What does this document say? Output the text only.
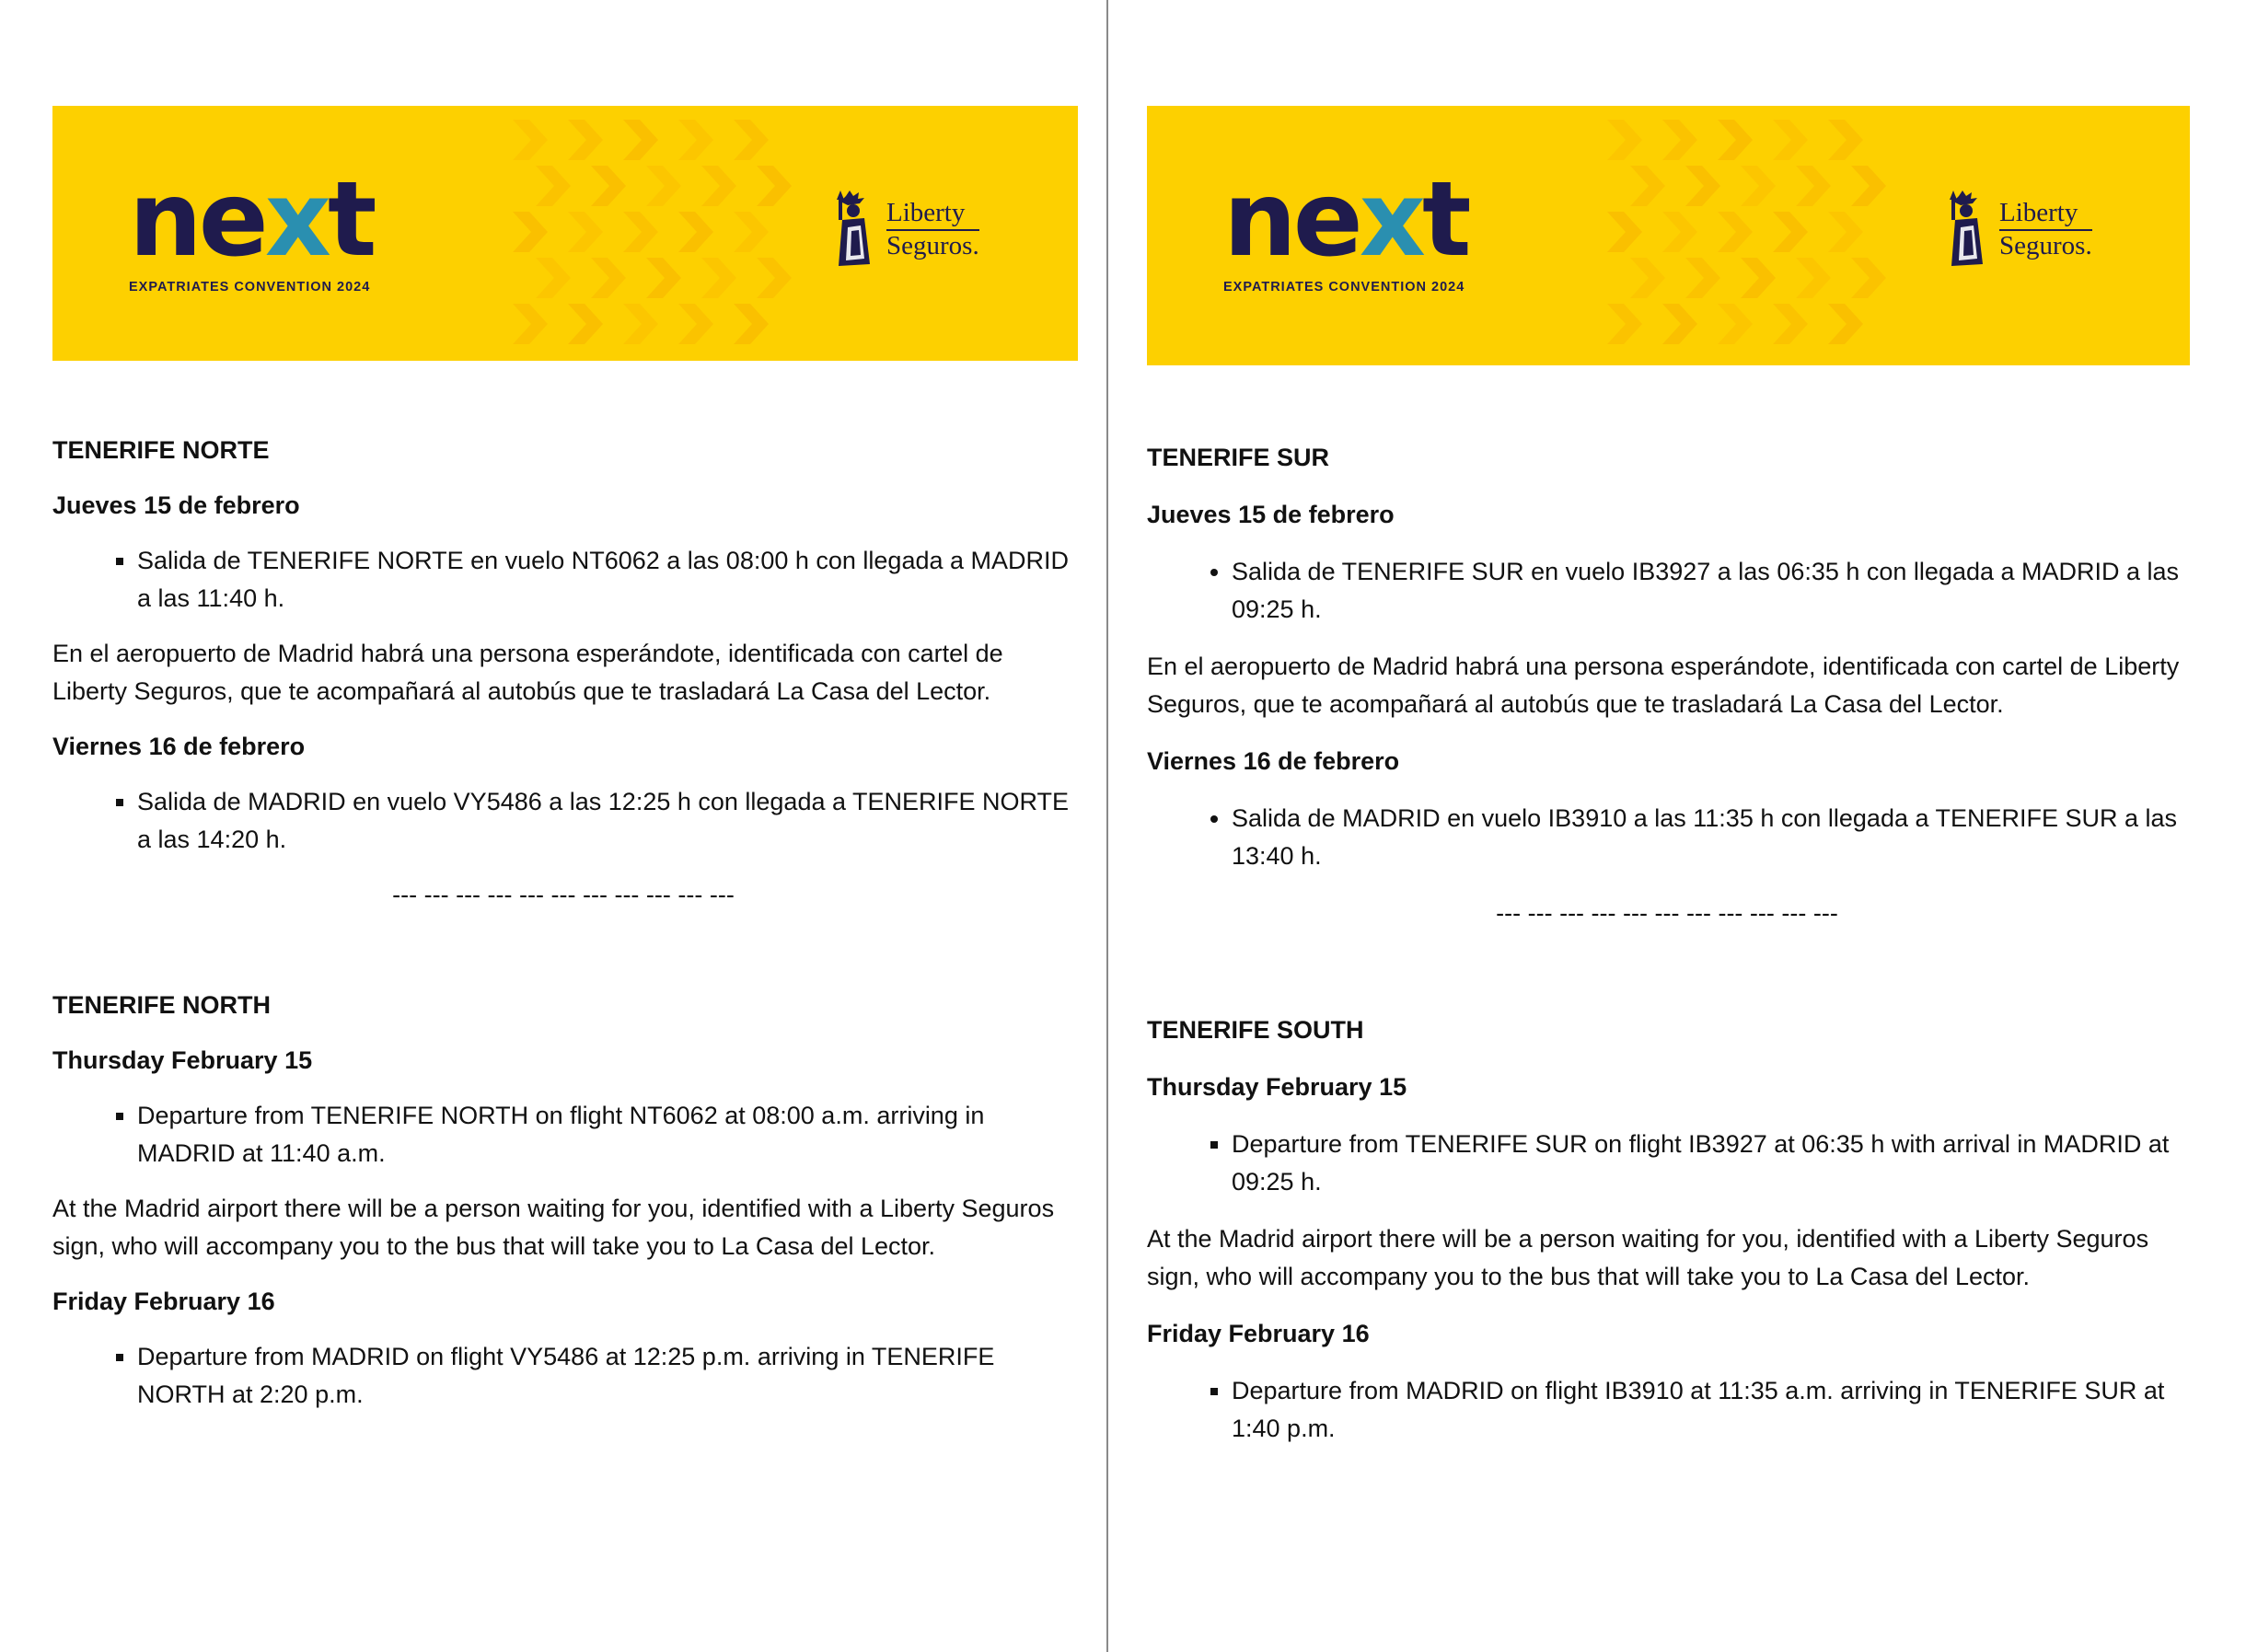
next
EXPATRIATES CONVENTION 2024
Liberty
Seguros.
TENERIFE NORTE
Jueves 15 de febrero
▪ Salida de TENERIFE NORTE en vuelo NT6062 a las 08:00 h con llegada a MADRID a las 11:40 h.
En el aeropuerto de Madrid habrá una persona esperándote, identificada con cartel de Liberty Seguros, que te acompañará al autobús que te trasladará La Casa del Lector.
Viernes 16 de febrero
▪ Salida de MADRID en vuelo VY5486 a las 12:25 h con llegada a TENERIFE NORTE a las 14:20 h.
--- --- --- --- --- --- --- --- --- --- ---
TENERIFE NORTH
Thursday February 15
▪ Departure from TENERIFE NORTH on flight NT6062 at 08:00 a.m. arriving in MADRID at 11:40 a.m.
At the Madrid airport there will be a person waiting for you, identified with a Liberty Seguros sign, who will accompany you to the bus that will take you to La Casa del Lector.
Friday February 16
▪ Departure from MADRID on flight VY5486 at 12:25 p.m. arriving in TENERIFE NORTH at 2:20 p.m.
next
EXPATRIATES CONVENTION 2024
Liberty
Seguros.
TENERIFE SUR
Jueves 15 de febrero
• Salida de TENERIFE SUR en vuelo IB3927 a las 06:35 h con llegada a MADRID a las 09:25 h.
En el aeropuerto de Madrid habrá una persona esperándote, identificada con cartel de Liberty Seguros, que te acompañará al autobús que te trasladará La Casa del Lector.
Viernes 16 de febrero
• Salida de MADRID en vuelo IB3910 a las 11:35 h con llegada a TENERIFE SUR a las 13:40 h.
--- --- --- --- --- --- --- --- --- --- ---
TENERIFE SOUTH
Thursday February 15
▪ Departure from TENERIFE SUR on flight IB3927 at 06:35 h with arrival in MADRID at 09:25 h.
At the Madrid airport there will be a person waiting for you, identified with a Liberty Seguros sign, who will accompany you to the bus that will take you to La Casa del Lector.
Friday February 16
▪ Departure from MADRID on flight IB3910 at 11:35 a.m. arriving in TENERIFE SUR at 1:40 p.m.
